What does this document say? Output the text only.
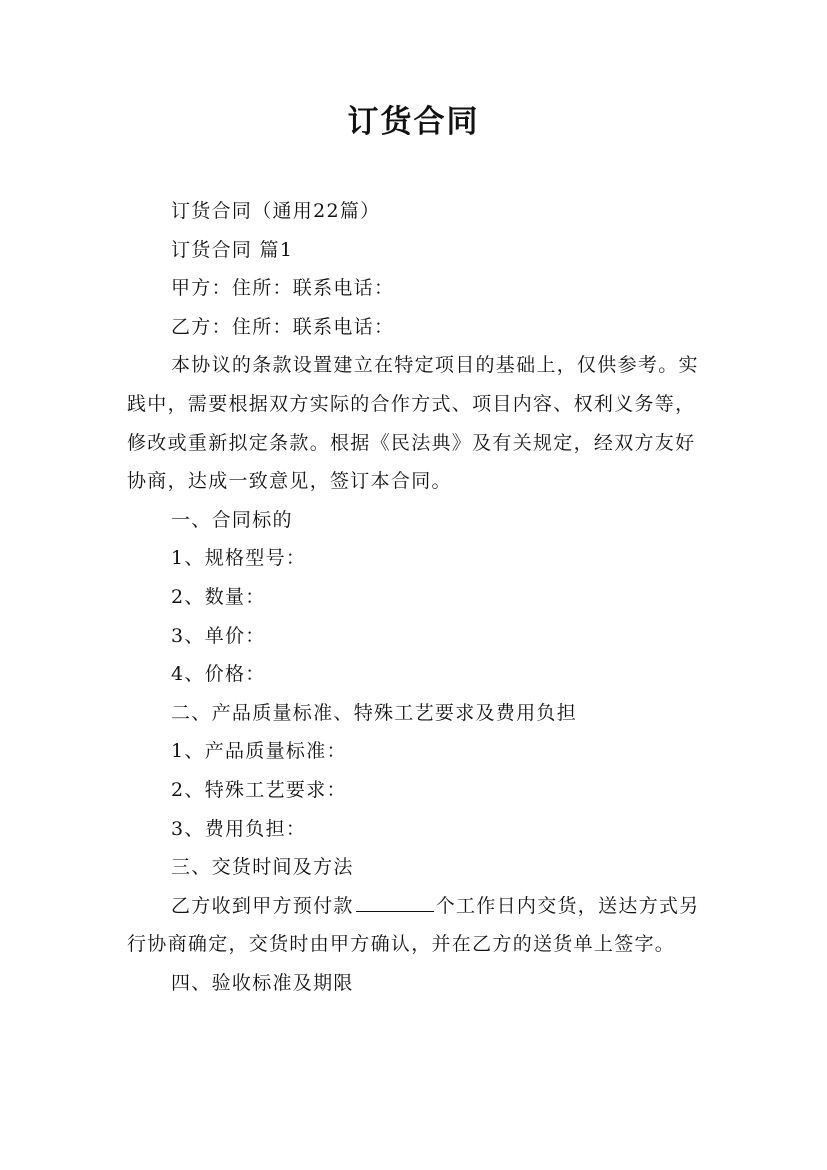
订货合同

订货合同（通用22篇）

订货合同 篇1

甲方：住所：联系电话：

乙方：住所：联系电话：

本协议的条款设置建立在特定项目的基础上，仅供参考。实践中，需要根据双方实际的合作方式、项目内容、权利义务等，修改或重新拟定条款。根据《民法典》及有关规定，经双方友好协商，达成一致意见，签订本合同。

一、合同标的

1、规格型号：

2、数量：

3、单价：

4、价格：

二、产品质量标准、特殊工艺要求及费用负担

1、产品质量标准：

2、特殊工艺要求：

3、费用负担：

三、交货时间及方法

乙方收到甲方预付款	个工作日内交货，送达方式另行协商确定，交货时由甲方确认，并在乙方的送货单上签字。

四、验收标准及期限
